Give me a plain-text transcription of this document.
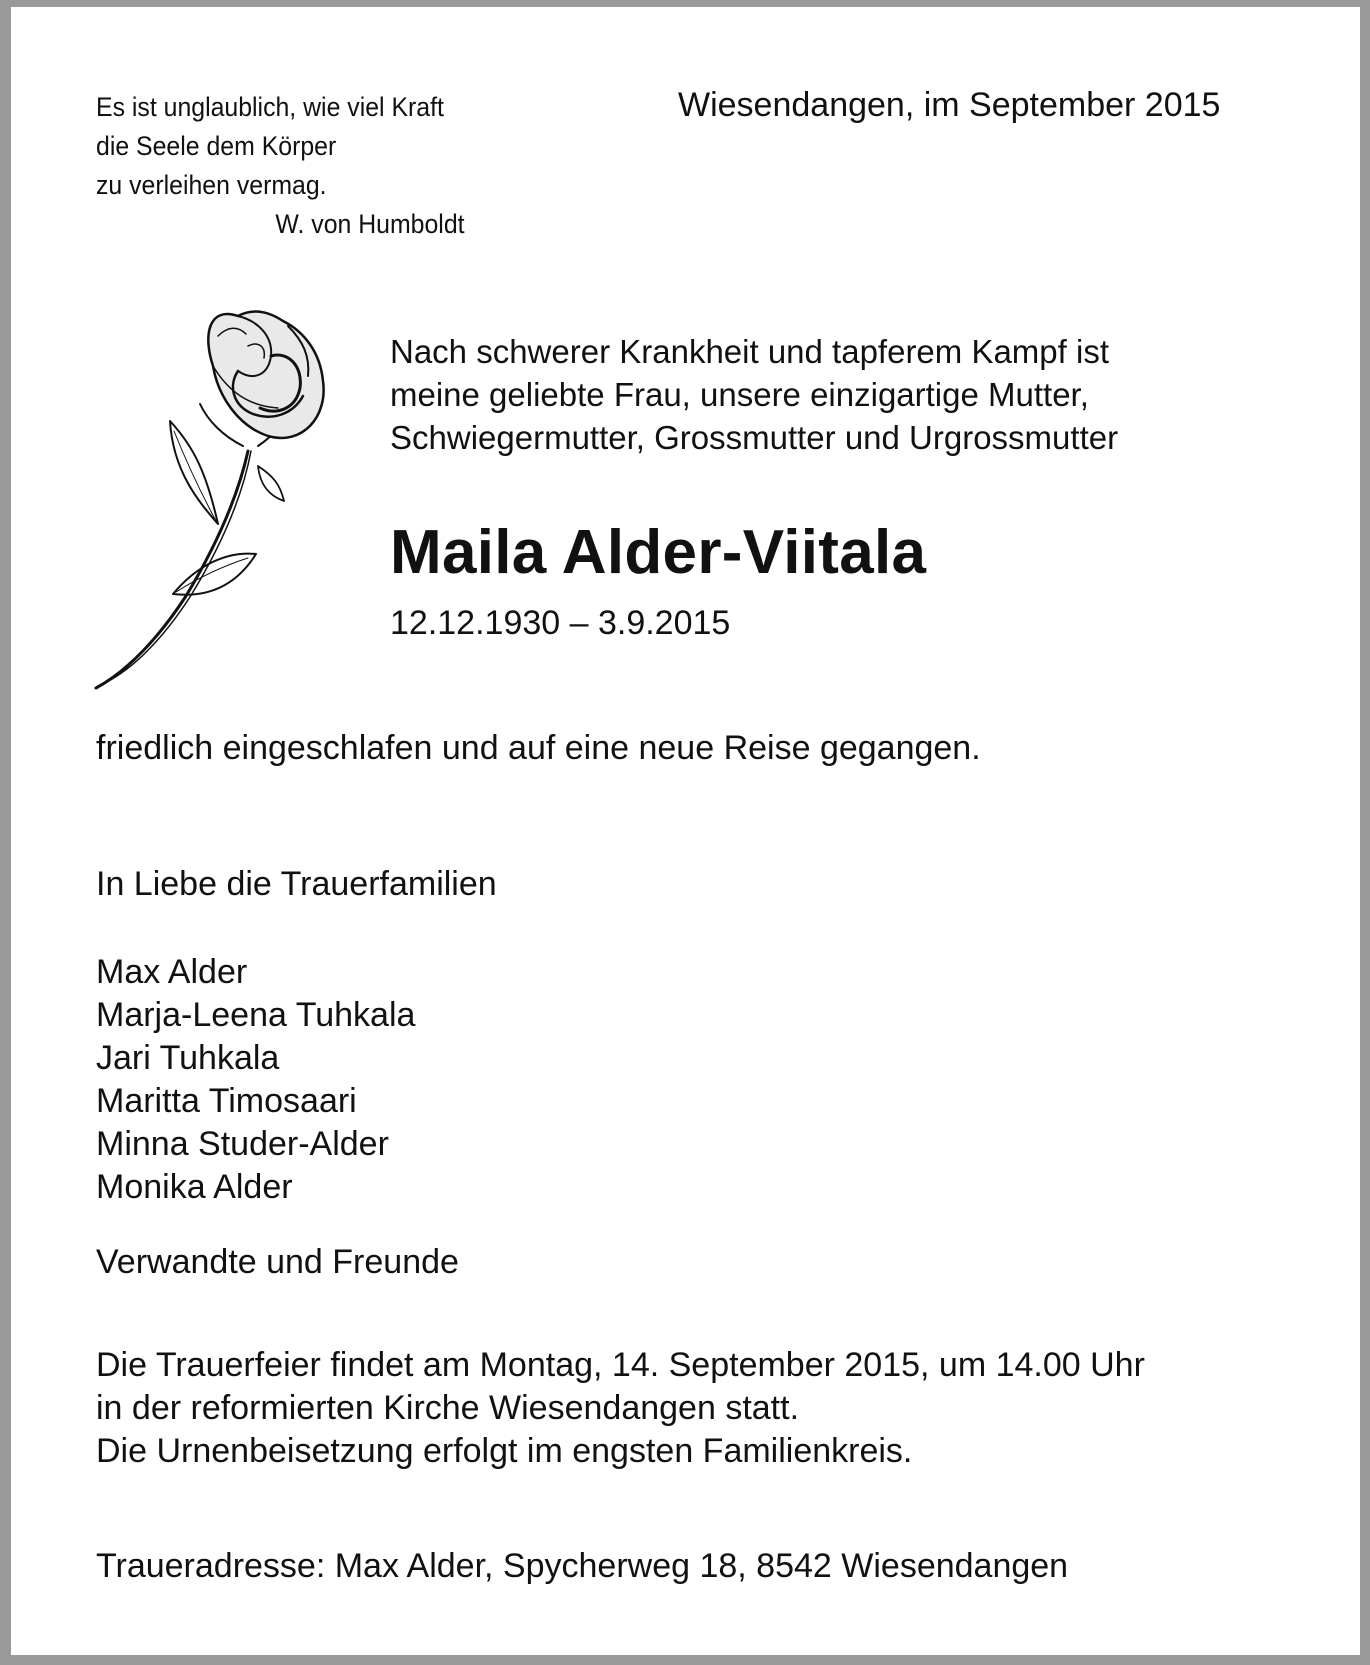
Es ist unglaublich, wie viel Kraft
die Seele dem Körper
zu verleihen vermag.
W. von Humboldt
Wiesendangen, im September 2015
Nach schwerer Krankheit und tapferem Kampf ist
meine geliebte Frau, unsere einzigartige Mutter,
Schwiegermutter, Grossmutter und Urgrossmutter
Maila Alder-Viitala
12.12.1930 – 3.9.2015
friedlich eingeschlafen und auf eine neue Reise gegangen.
In Liebe die Trauerfamilien
Max Alder
Marja-Leena Tuhkala
Jari Tuhkala
Maritta Timosaari
Minna Studer-Alder
Monika Alder
Verwandte und Freunde
Die Trauerfeier findet am Montag, 14. September 2015, um 14.00 Uhr
in der reformierten Kirche Wiesendangen statt.
Die Urnenbeisetzung erfolgt im engsten Familienkreis.
Traueradresse: Max Alder, Spycherweg 18, 8542 Wiesendangen
